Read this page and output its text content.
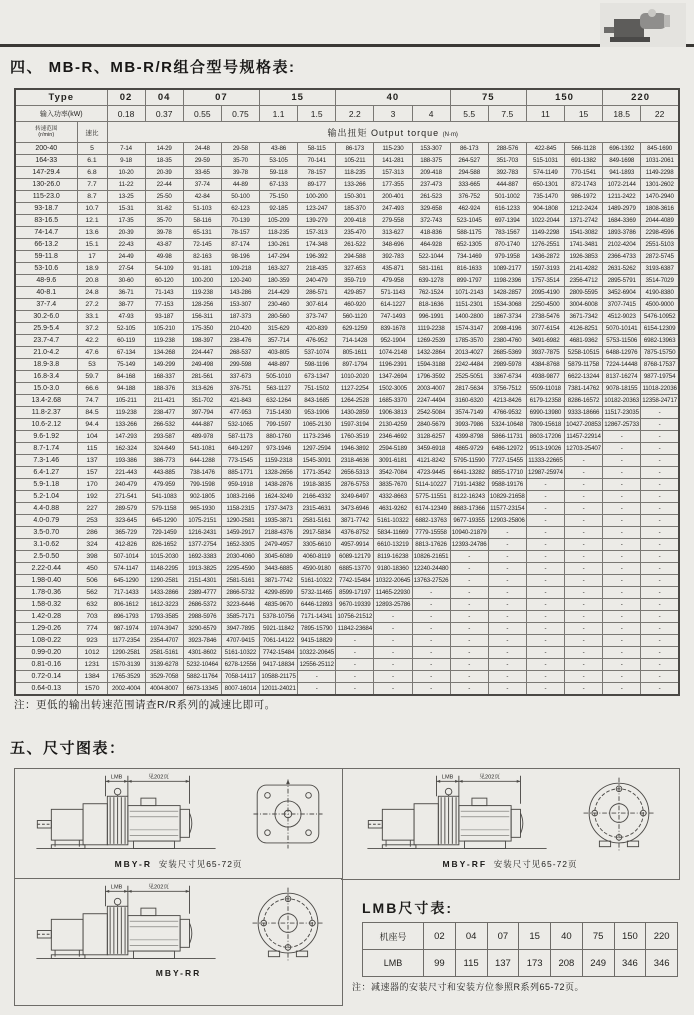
四、 MB-R、MB-R/R组合型号规格表:
Type		02	04	07		15		40			75		150		220	
输入功率(kW)		0.18	0.37	0.55	0.75	1.1	1.5	2.2	3	4	5.5	7.5	11	15	18.5	22
转速范围
(r/min)	速比	输出扭矩 Output torque (N·m)														
200-40	5	7-14	14-29	24-48	29-58	43-86	58-115	86-173	115-230	153-307	86-173	288-576	422-845	566-1128	696-1392	845-1690
164-33	6.1	9-18	18-35	29-59	35-70	53-105	70-141	105-211	141-281	188-375	264-527	351-703	515-1031	691-1382	849-1698	1031-2061
147-29.4	6.8	10-20	20-39	33-65	39-78	59-118	78-157	118-235	157-313	209-418	294-588	392-783	574-1149	770-1541	941-1893	1149-2298
130-26.0	7.7	11-22	22-44	37-74	44-89	67-133	89-177	133-266	177-355	237-473	333-665	444-887	650-1301	872-1743	1072-2144	1301-2602
115-23.0	8.7	13-25	25-50	42-84	50-100	75-150	100-200	150-301	200-401	261-523	376-752	501-1002	735-1470	986-1972	1211-2422	1470-2940
93-18.7	10.7	15-31	31-62	51-103	62-123	92-185	123-247	185-370	247-493	329-658	462-924	616-1233	904-1808	1212-2424	1489-2979	1808-3616
83-16.5	12.1	17-35	35-70	58-116	70-139	105-209	139-279	209-418	279-558	372-743	523-1045	697-1394	1022-2044	1371-2742	1684-3369	2044-4089
74-14.7	13.6	20-39	39-78	65-131	78-157	118-235	157-313	235-470	313-627	418-836	588-1175	783-1567	1149-2298	1541-3082	1893-3786	2298-4596
66-13.2	15.1	22-43	43-87	72-145	87-174	130-261	174-348	261-522	348-696	464-928	652-1305	870-1740	1276-2551	1741-3481	2102-4204	2551-5103
59-11.8	17	24-49	49-98	82-163	98-196	147-294	196-392	294-588	392-783	522-1044	734-1469	979-1958	1436-2872	1926-3853	2366-4733	2872-5745
53-10.6	18.9	27-54	54-109	91-181	109-218	163-327	218-435	327-653	435-871	581-1161	816-1633	1089-2177	1597-3193	2141-4282	2631-5262	3193-6387
48-9.6	20.8	30-60	60-120	100-200	120-240	180-359	240-479	359-719	479-958	639-1278	899-1797	1198-2396	1757-3514	2356-4712	2895-5791	3514-7029
40-8.1	24.8	36-71	71-143	119-238	143-286	214-429	286-571	429-857	571-1143	762-1524	1071-2143	1428-2857	2095-4190	2809-5595	3452-6904	4190-8380
37-7.4	27.2	38-77	77-153	128-256	153-307	230-460	307-614	460-920	614-1227	818-1636	1151-2301	1534-3068	2250-4500	3004-6008	3707-7415	4500-9000
30.2-6.0	33.1	47-93	93-187	156-311	187-373	280-560	373-747	560-1120	747-1493	996-1991	1400-2800	1867-3734	2738-5476	3671-7342	4512-9023	5476-10952
25.9-5.4	37.2	52-105	105-210	175-350	210-420	315-629	420-839	629-1259	839-1678	1119-2238	1574-3147	2098-4196	3077-6154	4126-8251	5070-10141	6154-12309
23.7-4.7	42.2	60-119	119-238	198-397	238-476	357-714	476-952	714-1428	952-1904	1269-2539	1785-3570	2380-4760	3491-6982	4681-9362	5753-11506	6982-13963
21.0-4.2	47.6	67-134	134-268	224-447	268-537	403-805	537-1074	805-1611	1074-2148	1432-2864	2013-4027	2685-5369	3937-7875	5258-10515	6488-12976	7875-15750
18.9-3.8	53	75-149	149-299	249-498	299-598	448-897	598-1196	897-1794	1196-2391	1594-3188	2242-4484	2989-5978	4384-8768	5879-11758	7224-14448	8768-17537
16.8-3.4	59.7	84-168	168-337	281-561	337-673	505-1010	673-1347	1010-2020	1347-2694	1796-3592	2525-5051	3367-6734	4938-9877	6622-13244	8137-16274	9877-19754
15.0-3.0	66.6	94-188	188-376	313-626	376-751	563-1127	751-1502	1127-2254	1502-3005	2003-4007	2817-5634	3756-7512	5509-11018	7381-14762	9078-18155	11018-22036
13.4-2.68	74.7	105-211	211-421	351-702	421-843	632-1264	843-1685	1264-2528	1685-3370	2247-4494	3160-6320	4213-8426	6179-12358	8286-16572	10182-20363	12358-24717
11.8-2.37	84.5	119-238	238-477	397-794	477-953	715-1430	953-1906	1430-2859	1906-3813	2542-5084	3574-7149	4766-9532	6990-13980	9333-18666	11517-23035	-
10.6-2.12	94.4	133-266	266-532	444-887	532-1065	799-1597	1065-2130	1597-3194	2130-4259	2840-5679	3993-7986	5324-10648	7809-15618	10427-20853	12867-25733	-
9.6-1.92	104	147-293	293-587	489-978	587-1173	880-1760	1173-2346	1760-3519	2346-4692	3128-6257	4399-8798	5866-11731	8603-17206	11457-22914	-	-
8.7-1.74	115	162-324	324-649	541-1081	649-1297	973-1946	1297-2594	1946-3892	2594-5189	3459-6918	4865-9729	6486-12972	9513-19026	12703-25407	-	-
7.3-1.46	137	193-386	386-773	644-1288	773-1545	1159-2318	1545-3091	2318-4636	3091-6181	4121-8242	5795-11590	7727-15455	11333-22665	-	-	-
6.4-1.27	157	221-443	443-885	738-1476	885-1771	1328-2656	1771-3542	2656-5313	3542-7084	4723-9445	6641-13282	8855-17710	12987-25974	-	-	-
5.9-1.18	170	240-479	479-959	799-1598	959-1918	1438-2876	1918-3835	2876-5753	3835-7670	5114-10227	7191-14382	9588-19176	-	-	-	-
5.2-1.04	192	271-541	541-1083	902-1805	1083-2166	1624-3249	2166-4332	3249-6497	4332-8663	5775-11551	8122-16243	10829-21658	-	-	-	-
4.4-0.88	227	289-579	579-1158	965-1930	1158-2315	1737-3473	2315-4631	3473-6946	4631-9262	6174-12349	8683-17366	11577-23154	-	-	-	-
4.0-0.79	253	323-645	645-1290	1075-2151	1290-2581	1935-3871	2581-5161	3871-7742	5161-10322	6882-13763	9677-19355	12903-25806	-	-	-	-
3.5-0.70	286	365-729	729-1459	1216-2431	1459-2917	2188-4376	2917-5834	4376-8752	5834-11669	7779-15558	10940-21879	-	-	-	-	-
3.1-0.62	324	412-826	826-1652	1377-2754	1652-3305	2479-4957	3305-6610	4957-9914	6610-13219	8813-17626	12393-24786	-	-	-	-	-
2.5-0.50	398	507-1014	1015-2030	1692-3383	2030-4060	3045-6089	4060-8119	6089-12179	8119-16238	10826-21651	-	-	-	-	-	-
2.22-0.44	450	574-1147	1148-2295	1913-3825	2295-4590	3443-6885	4590-9180	6885-13770	9180-18360	12240-24480	-	-	-	-	-	-
1.98-0.40	506	645-1290	1290-2581	2151-4301	2581-5161	3871-7742	5161-10322	7742-15484	10322-20645	13763-27526	-	-	-	-	-	-
1.78-0.36	562	717-1433	1433-2866	2389-4777	2866-5732	4299-8599	5732-11465	8599-17197	11465-22930	-	-	-	-	-	-	-
1.58-0.32	632	806-1612	1612-3223	2686-5372	3223-6446	4835-9670	6446-12893	9670-19339	12893-25786	-	-	-	-	-	-	-
1.42-0.28	703	896-1793	1793-3585	2988-5976	3585-7171	5378-10756	7171-14341	10756-21512	-	-	-	-	-	-	-	-
1.29-0.26	774	987-1974	1974-3947	3290-6579	3947-7895	5921-11842	7895-15790	11842-23684	-	-	-	-	-	-	-	-
1.08-0.22	923	1177-2354	2354-4707	3923-7846	4707-9415	7061-14122	9415-18829	-	-	-	-	-	-	-	-	-
0.99-0.20	1012	1290-2581	2581-5161	4301-8602	5161-10322	7742-15484	10322-20645	-	-	-	-	-	-	-	-	-
0.81-0.16	1231	1570-3139	3139-6278	5232-10464	6278-12556	9417-18834	12556-25112	-	-	-	-	-	-	-	-	-
0.72-0.14	1384	1765-3529	3529-7058	5882-11764	7058-14117	10588-21175	-	-	-	-	-	-	-	-	-	-
0.64-0.13	1570	2002-4004	4004-8007	6673-13345	8007-16014	12011-24021	-	-	-	-	-	-	-	-	-	-
注：更低的输出转速范围请查R/R系列的减速比即可。
五、尺寸图表：
MBY-R 安装尺寸见65-72页
MBY-RR
MBY-RF 安装尺寸见65-72页
LMB尺寸表:
机座号	02	04	07	15	40	75	150	220
LMB	99	115	137	173	208	249	346	346
注：减速器的安装尺寸和安装方位参照R系列65-72页。
